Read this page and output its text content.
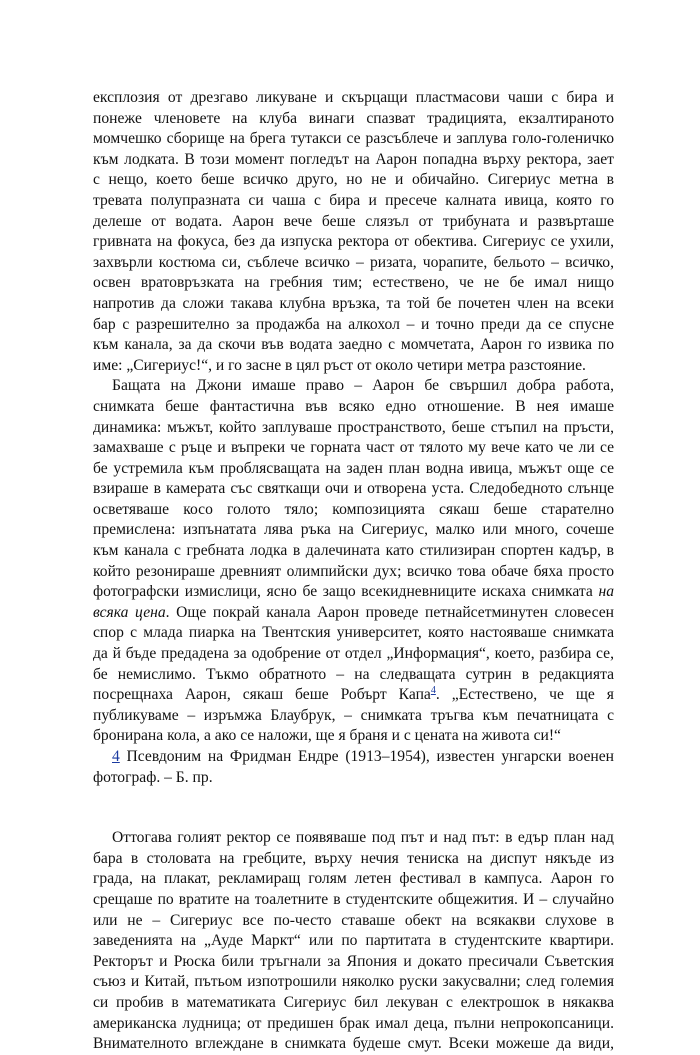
експлозия от дрезгаво ликуване и скърцащи пластмасови чаши с бира и
понеже членовете на клуба винаги спазват традицията, екзалтираното
момчешко сборище на брега тутакси се разсъблече и заплува голо-голеничко
към лодката. В този момент погледът на Аарон попадна върху ректора, зает
с нещо, което беше всичко друго, но не и обичайно. Сигериус метна в
тревата полупразната си чаша с бира и пресече калната ивица, която го
делеше от водата. Аарон вече беше слязъл от трибуната и развърташе
гривната на фокуса, без да изпуска ректора от обектива. Сигериус се ухили,
захвърли костюма си, съблече всичко – ризата, чорапите, бельото – всичко,
освен вратовръзката на гребния тим; естествено, че не бе имал нищо
напротив да сложи такава клубна връзка, та той бе почетен член на всеки
бар с разрешително за продажба на алкохол – и точно преди да се спусне
към канала, за да скочи във водата заедно с момчетата, Аарон го извика по
име: „Сигериус!“, и го засне в цял ръст от около четири метра разстояние.

Бащата на Джони имаше право – Аарон бе свършил добра работа,
снимката беше фантастична във всяко едно отношение. В нея имаше
динамика: мъжът, който заплуваше пространството, беше стъпил на пръсти,
замахваше с ръце и въпреки че горната част от тялото му вече като че ли се
бе устремила към проблясващата на заден план водна ивица, мъжът още се
взираше в камерата със святкащи очи и отворена уста. Следобедното слънце
осветяваше косо голото тяло; композицията сякаш беше старателно
премислена: изпънатата лява ръка на Сигериус, малко или много, сочеше
към канала с гребната лодка в далечината като стилизиран спортен кадър, в
който резонираше древният олимпийски дух; всичко това обаче бяха просто
фотографски измислици, ясно бе защо всекидневниците искаха снимката на
всяка цена. Още покрай канала Аарон проведе петнайсетминутен словесен
спор с млада пиарка на Твентския университет, която настояваше снимката
да й бъде предадена за одобрение от отдел „Информация“, което, разбира се,
бе немислимо. Тъкмо обратното – на следващата сутрин в редакцията
посрещнаха Аарон, сякаш беше Робърт Капа$^4$. „Естествено, че ще я
публикуваме – изръмжа Блаубрук, – снимката тръгва към печатницата с
бронирана кола, а ако се наложи, ще я браня и с цената на живота си!“

4 Псевдоним на Фридман Ендре (1913–1954), известен унгарски военен
фотограф. – Б. пр.

Оттогава голият ректор се появяваше под път и над път: в едър план над
бара в столовата на гребците, върху нечия тениска на диспут някъде из
града, на плакат, рекламиращ голям летен фестивал в кампуса. Аарон го
срещаше по вратите на тоалетните в студентските общежития. И – случайно
или не – Сигериус все по-често ставаше обект на всякакви слухове в
заведенията на „Ауде Маркт“ или по партитата в студентските квартири.
Ректорът и Рюска били тръгнали за Япония и докато пресичали Съветския
съюз и Китай, пътьом изпотрошили няколко руски закусвални; след големия
си пробив в математиката Сигериус бил лекуван с електрошок в някаква
американска лудница; от предишен брак имал деца, пълни непрокопсаници.
Внимателното вглеждане в снимката будеше смут. Всеки можеше да види,
